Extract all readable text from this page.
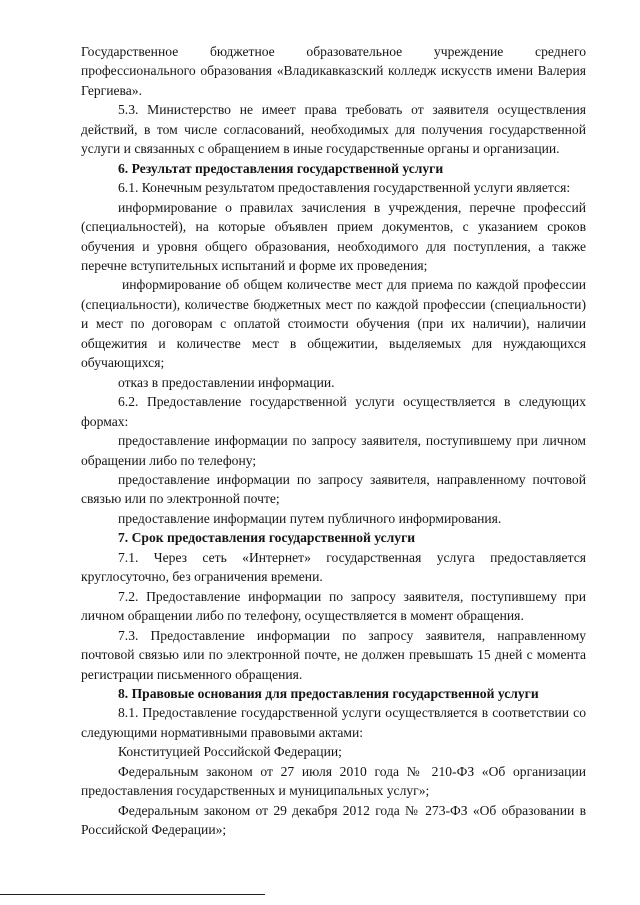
Государственное бюджетное образовательное учреждение среднего профессионального образования «Владикавказский колледж искусств имени Валерия Гергиева».

5.3. Министерство не имеет права требовать от заявителя осуществления действий, в том числе согласований, необходимых для получения государственной услуги и связанных с обращением в иные государственные органы и организации.

6. Результат предоставления государственной услуги

6.1. Конечным результатом предоставления государственной услуги является:

информирование о правилах зачисления в учреждения, перечне профессий (специальностей), на которые объявлен прием документов, с указанием сроков обучения и уровня общего образования, необходимого для поступления, а также перечне вступительных испытаний и форме их проведения;

информирование об общем количестве мест для приема по каждой профессии (специальности), количестве бюджетных мест по каждой профессии (специальности) и мест по договорам с оплатой стоимости обучения (при их наличии), наличии общежития и количестве мест в общежитии, выделяемых для нуждающихся обучающихся;

отказ в предоставлении информации.

6.2. Предоставление государственной услуги осуществляется в следующих формах:

предоставление информации по запросу заявителя, поступившему при личном обращении либо по телефону;

предоставление информации по запросу заявителя, направленному почтовой связью или по электронной почте;

предоставление информации путем публичного информирования.

7. Срок предоставления государственной услуги

7.1. Через сеть «Интернет» государственная услуга предоставляется круглосуточно, без ограничения времени.

7.2. Предоставление информации по запросу заявителя, поступившему при личном обращении либо по телефону, осуществляется в момент обращения.

7.3. Предоставление информации по запросу заявителя, направленному почтовой связью или по электронной почте, не должен превышать 15 дней с момента регистрации письменного обращения.

8. Правовые основания для предоставления государственной услуги

8.1. Предоставление государственной услуги осуществляется в соответствии со следующими нормативными правовыми актами:

Конституцией Российской Федерации;

Федеральным законом от 27 июля 2010 года № 210-ФЗ «Об организации предоставления государственных и муниципальных услуг»;

Федеральным законом от 29 декабря 2012 года № 273-ФЗ «Об образовании в Российской Федерации»;
